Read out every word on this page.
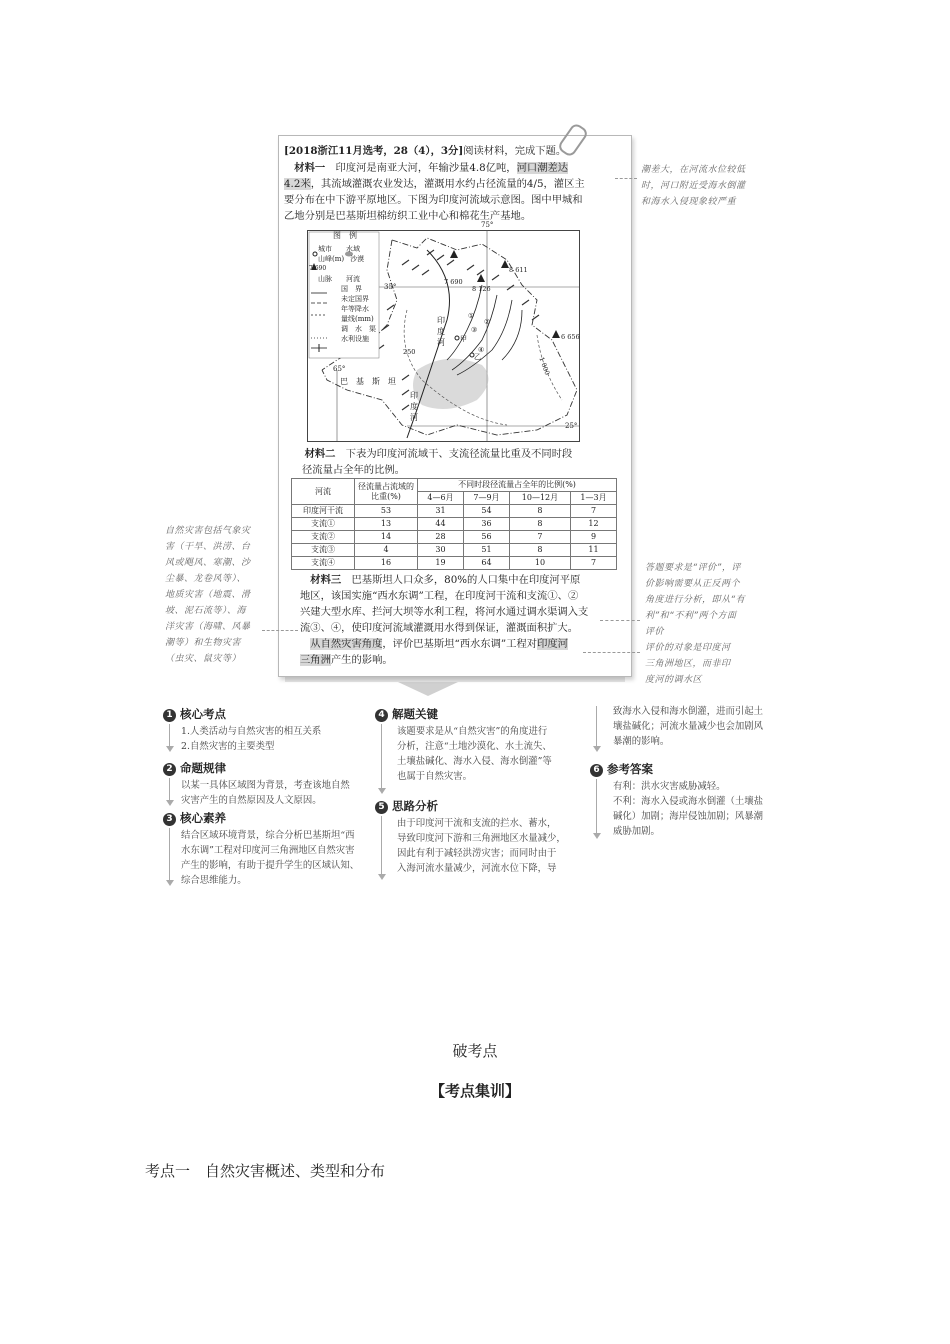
[2018浙江11月选考，28（4），3分]阅读材料，完成下题。
　材料一　 印度河是南亚大河，年输沙量4.8亿吨，河口潮差达
4.2米，其流域灌溉农业发达，灌溉用水约占径流量的4/5，灌区主
要分布在中下游平原地区。下图为印度河流域示意图。图中甲城和
乙地分别是巴基斯坦棉纺织工业中心和棉花生产基地。
图　例
城市 水域
山峰(m) 沙漠
7 690
山脉 河流
国　界
未定国界
年等降水
量线(mm)
调　水　渠
水利设施
75°
65°
35°
25°
7 690
8 611
8 126
6 656
250
1 000
巴　基　斯　坦
印
度
河
印
度
河
甲
乙
①
②
③
④
　　材料二　 下表为印度河流域干、支流径流量比重及不同时段
径流量占全年的比例。
河流	径流量占流域的比重(%)	不同时段径流量占全年的比例(%)			
		4—6月	7—9月	10—12月	1—3月
印度河干流	53	31	54	8	7
支流①	13	44	36	8	12
支流②	14	28	56	7	9
支流③	4	30	51	8	11
支流④	16	19	64	10	7
　材料三　 巴基斯坦人口众多，80%的人口集中在印度河平原
地区，该国实施“西水东调”工程，在印度河干流和支流①、②
兴建大型水库、拦河大坝等水利工程，将河水通过调水渠调入支
流③、④，使印度河流域灌溉用水得到保证，灌溉面积扩大。
　从自然灾害角度，评价巴基斯坦“西水东调”工程对印度河
三角洲产生的影响。
潮差大，在河流水位较低
时，河口附近受海水倒灌
和海水入侵现象较严重
自然灾害包括气象灾
害（干旱、洪涝、台
风或飓风、寒潮、沙
尘暴、龙卷风等）、
地质灾害（地震、滑
坡、泥石流等）、海
洋灾害（海啸、风暴
潮等）和生物灾害
（虫灾、鼠灾等）
答题要求是“评价”，评
价影响需要从正反两个
角度进行分析，即从“有
利”和“不利”两个方面
评价
评价的对象是印度河
三角洲地区，而非印
度河的调水区
1 核心考点
1.人类活动与自然灾害的相互关系
2.自然灾害的主要类型
2 命题规律
以某一具体区域图为背景，考查该地自然
灾害产生的自然原因及人文原因。
3 核心素养
结合区域环境背景，综合分析巴基斯坦“西
水东调”工程对印度河三角洲地区自然灾害
产生的影响，有助于提升学生的区域认知、
综合思维能力。
4 解题关键
该题要求是从“自然灾害”的角度进行
分析，注意“土地沙漠化、水土流失、
土壤盐碱化、海水入侵、海水倒灌”等
也属于自然灾害。
5 思路分析
由于印度河干流和支流的拦水、蓄水，
导致印度河下游和三角洲地区水量减少，
因此有利于减轻洪涝灾害；而同时由于
入海河流水量减少，河流水位下降，导
致海水入侵和海水倒灌，进而引起土
壤盐碱化；河流水量减少也会加剧风
暴潮的影响。
6 参考答案
有利：洪水灾害威胁减轻。
不利：海水入侵或海水倒灌（土壤盐
碱化）加剧；海岸侵蚀加剧；风暴潮
威胁加剧。
破考点
【考点集训】
考点一　自然灾害概述、类型和分布
